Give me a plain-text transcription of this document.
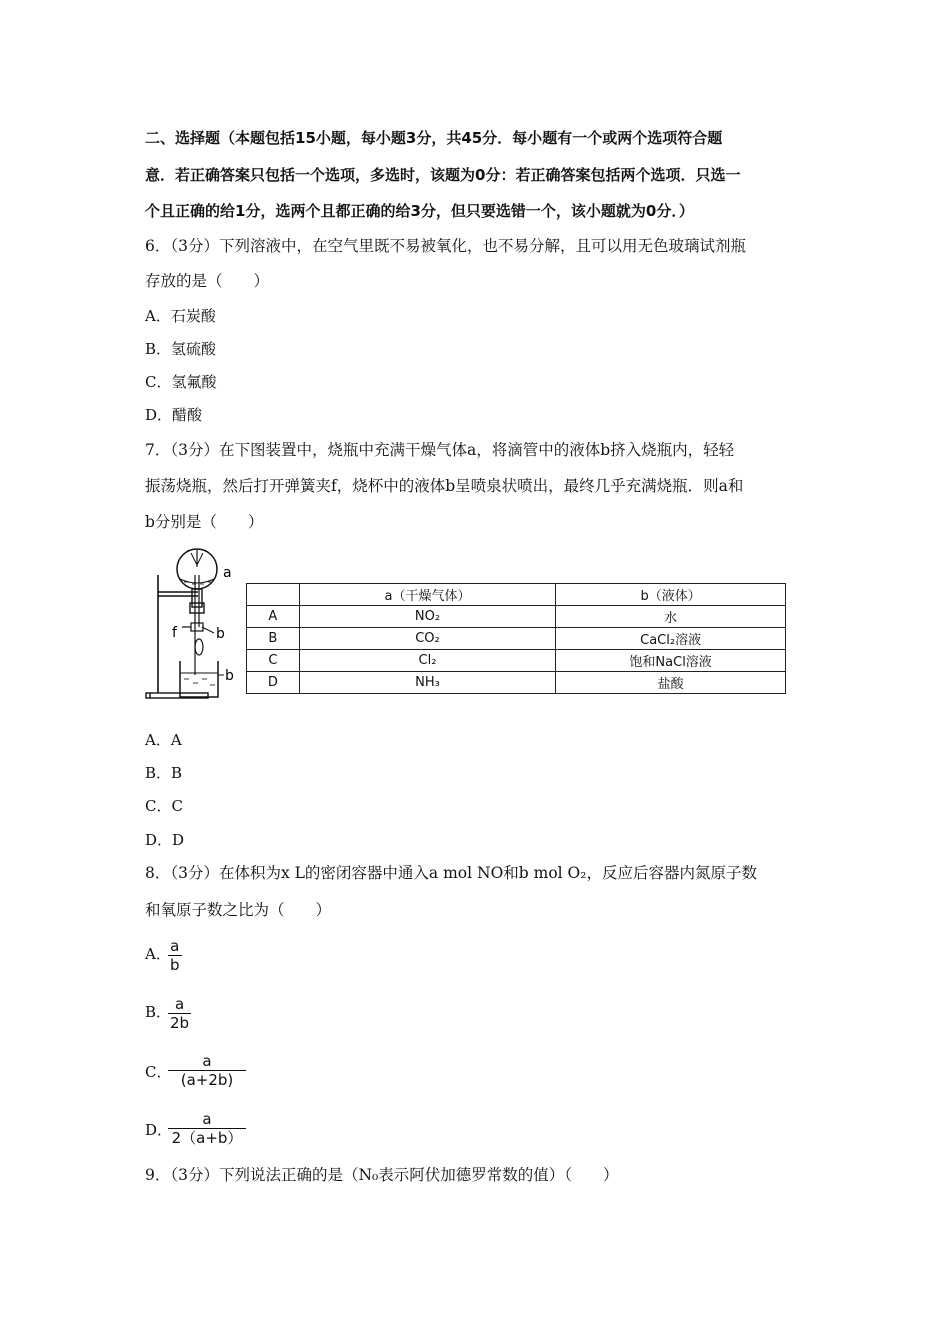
二、选择题（本题包括15小题，每小题3分，共45分．每小题有一个或两个选项符合题
意．若正确答案只包括一个选项，多选时，该题为0分：若正确答案包括两个选项．只选一
个且正确的给1分，选两个且都正确的给3分，但只要选错一个，该小题就为0分．）
6．（3分）下列溶液中，在空气里既不易被氧化，也不易分解，且可以用无色玻璃试剂瓶
存放的是（　　）
A．石炭酸
B．氢硫酸
C．氢氟酸
D．醋酸
7．（3分）在下图装置中，烧瓶中充满干燥气体a，将滴管中的液体b挤入烧瓶内，轻轻
振荡烧瓶，然后打开弹簧夹f，烧杯中的液体b呈喷泉状喷出，最终几乎充满烧瓶．则a和
b分别是（　　）
a
f	b
b
	a（干燥气体）	b（液体）
A	NO₂	水
B	CO₂	CaCl₂溶液
C	Cl₂	饱和NaCl溶液
D	NH₃	盐酸
A．A
B．B
C．C
D．D
8．（3分）在体积为x L的密闭容器中通入a mol NO和b mol O₂，反应后容器内氮原子数
和氧原子数之比为（　　）
A．
$\frac{a}{b}$
B．
$\frac{a}{2b}$
C．
$\frac{a}{(a+2b)}$
D．
$\frac{a}{2(a+b)}$
9．（3分）下列说法正确的是（N₀表示阿伏加德罗常数的值）（　　）
